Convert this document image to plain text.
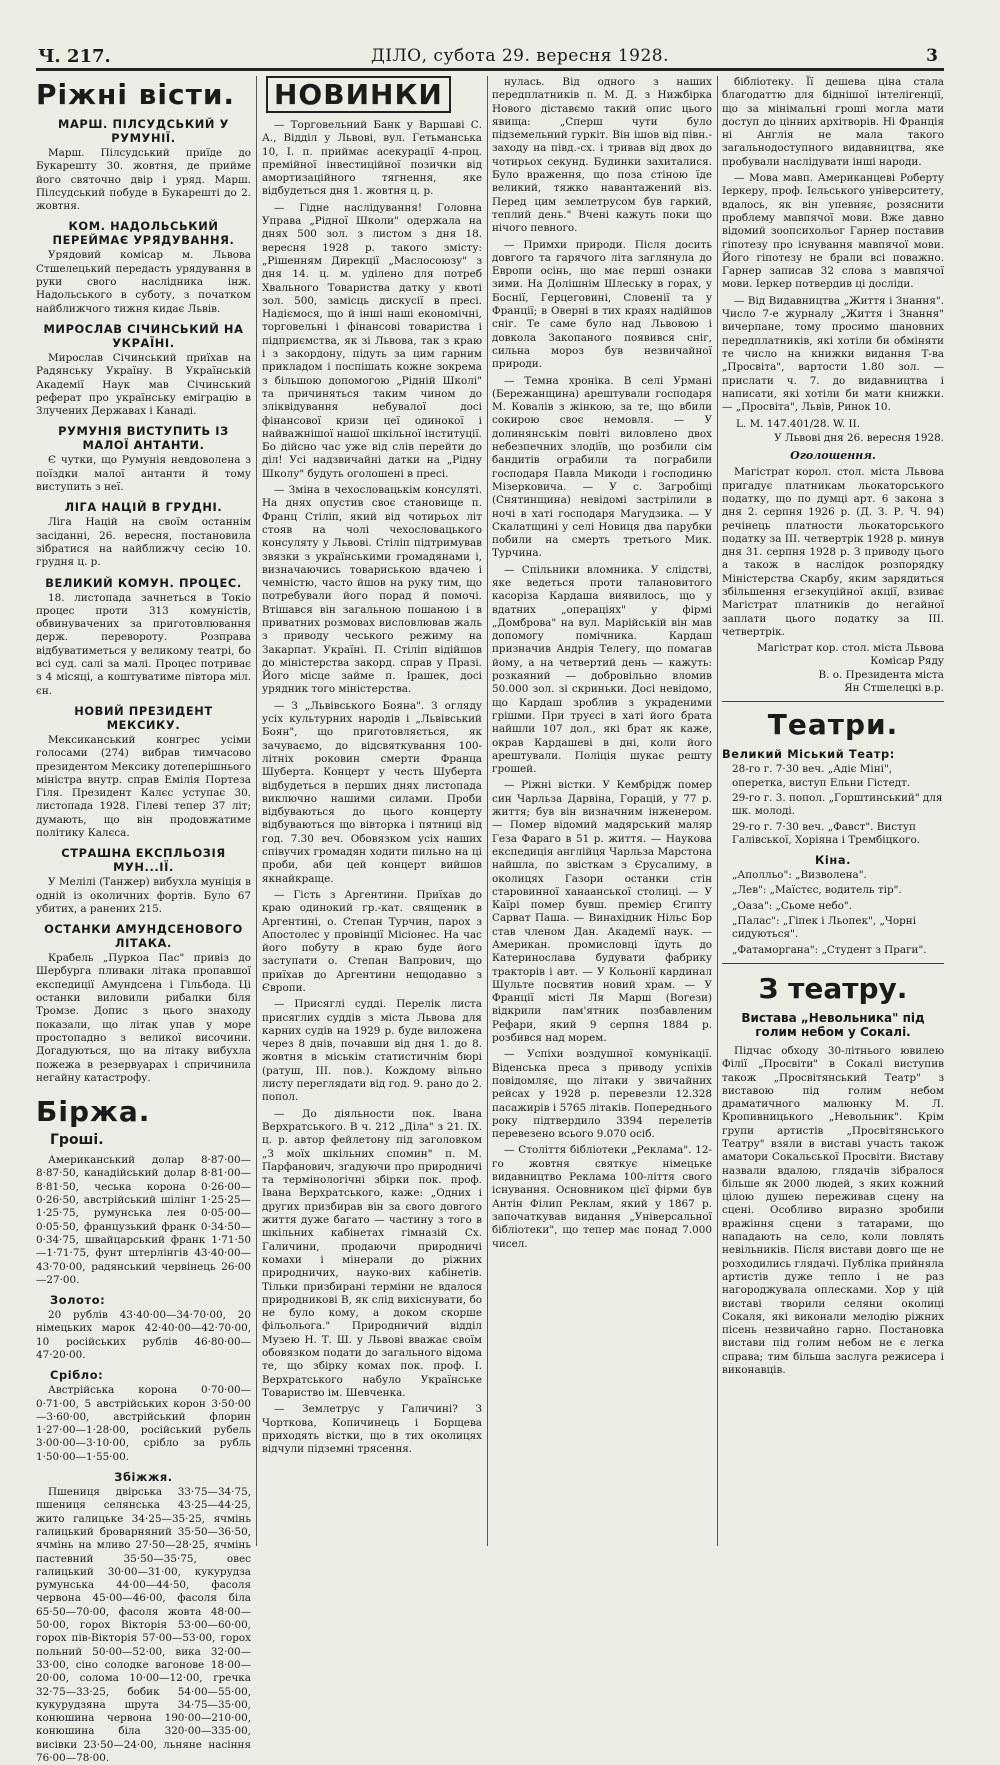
Ч. 217.	ДІЛО, субота 29. вересня 1928.	3
Ріжні вісти.
МАРШ. ПІЛСУДСЬКИЙ У РУМУНІЇ.

Марш. Пілсудський приїде до Букарешту 30. жовтня, де прийме його святочно двір і уряд. Марш. Пілсудський побуде в Букарешті до 2. жовтня.

КОМ. НАДОЛЬСЬКИЙ ПЕРЕЙМАЄ УРЯДУВАННЯ.

Урядовий комісар м. Львова Стшелецький передасть урядування в руки свого наслідника інж. Надольського в суботу, з початком найближчого тижня кидає Львів.

МИРОСЛАВ СІЧИНСЬКИЙ НА УКРАЇНІ.

Мирослав Січинський приїхав на Радянську Україну. В Українській Академії Наук мав Січинський реферат про українську еміграцію в Злучених Державах і Канаді.

РУМУНІЯ ВИСТУПИТЬ ІЗ МАЛОЇ АНТАНТИ.

Є чутки, що Румунія невдоволена з поїздки малої антанти й тому виступить з неї.

ЛІГА НАЦІЙ В ГРУДНІ.

Ліга Націй на своїм останнім засіданні, 26. вересня, постановила зібратися на найближчу сесію 10. грудня ц. р.

ВЕЛИКИЙ КОМУН. ПРОЦЕС.

18. листопада зачнеться в Токіо процес проти 313 комуністів, обвинувачених за приготовлювання держ. перевороту. Розправа відбуватиметься у великому театрі, бо всі суд. салі за малі. Процес потриває з 4 місяці, а коштуватиме півтора міл. єн.

НОВИЙ ПРЕЗИДЕНТ МЕКСИКУ.

Мексиканський конгрес усіми голосами (274) вибрав тимчасово президентом Мексику дотеперішнього міністра внутр. справ Емілія Портеза Гіля. Президент Калєс уступає 30. листопада 1928. Гілеві тепер 37 літ; думають, що він продовжатиме політику Калєса.

СТРАШНА ЕКСПЛЬОЗІЯ МУН...ІЇ.

У Мелілі (Танжер) вибухла муніція в одній із околичних фортів. Було 67 убитих, а ранених 215.

ОСТАНКИ АМУНДСЕНОВОГО ЛІТАКА.

Крабель „Пуркоа Пас" привіз до Шербурга пливаки літака пропавшої експедиції Амундсена і Гільбода. Ці останки виловили рибалки біля Тромзе. Допис з цього знаходу показали, що літак упав у море простопадно з великої височини. Догадуються, що на літаку вибухла пожежа в резервуарах і спричинила негайну катастрофу.

Біржа.
Гроші.

Американський долар 8·87·00—8·87·50, канадійський долар 8·81·00—8·81·50, чеська корона 0·26·00—0·26·50, австрійський шілінг 1·25·25—1·25·75, румунська лея 0·05·00—0·05·50, французький франк 0·34·50—0·34·75, швайцарський франк 1·71·50—1·71·75, фунт штерлінгів 43·40·00—43·70·00, радянський червінець 26·00—27·00.

Золото:

20 рублів 43·40·00—34·70·00, 20 німецьких марок 42·40·00—42·70·00, 10 російських рублів 46·80·00—47·20·00.

Срібло:

Австрійська корона 0·70·00—0·71·00, 5 австрійських корон 3·50·00—3·60·00, австрійський флорин 1·27·00—1·28·00, російський рубель 3·00·00—3·10·00, срібло за рубль 1·50·00—1·55·00.

Збіжжя.

Пшениця двірська 33·75—34·75, пшениця селянська 43·25—44·25, жито галицьке 34·25—35·25, ячмінь галицький броварняний 35·50—36·50, ячмінь на мливо 27·50—28·25, ячмінь пастевний 35·50—35·75, овес галицький 30·00—31·00, кукурудза румунська 44·00—44·50, фасоля червона 45·00—46·00, фасоля біла 65·50—70·00, фасоля жовта 48·00—50·00, горох Вікторія 53·00—60·00, горох пів-Вікторія 57·00—53·00, горох польний 50·00—52·00, вика 32·00—33·00, сіно солодке вагонове 18·00—20·00, солома 10·00—12·00, гречка 32·75—33·25, бобик 54·00—55·00, кукурудзяна шрута 34·75—35·00, конюшина червона 190·00—210·00, конюшина біла 320·00—335·00, висівки 23·50—24·00, льняне насіння 76·00—78·00.

НОВИНКИ

— Торговельний Банк у Варшаві С. А., Відділ у Львові, вул. Гетьманська 10, I. п. приймає асекурації 4-проц. премійної інвестиційної позички від амортизаційного тягнення, яке відбудеться дня 1. жовтня ц. р.

— Гідне наслідування! Головна Управа „Рідної Школи" одержала на днях 500 зол. з листом з дня 18. вересня 1928 р. такого змісту: „Рішенням Дирекції „Маслосоюзу" з дня 14. ц. м. уділено для потреб Хвального Товариства датку у квоті зол. 500, замісць дискусії в пресі. Надіємося, що й інші наші економічні, торговельні і фінансові товариства і підприємства, як зі Львова, так з краю і з закордону, підуть за цим гарним прикладом і поспішать кожне зокрема з більшою допомогою „Рідній Школі" та причиняться таким чином до зліквідування небувалої досі фінансової кризи цеї одинокої і найважнішої нашої шкільної інституції. Бо дійсно час уже від слів перейти до діл! Усі надзвичайні датки на „Рідну Школу" будуть оголошені в пресі.

— Зміна в чехословацькім консуляті. На днях опустив своє становище п. Франц Стіліп, який від чотирьох літ стояв на чолі чехословацького консуляту у Львові. Стіліп підтримував звязки з українськими громадянами і, визначаючись товариською вдачею і чемністю, часто йшов на руку тим, що потребували його порад й помочі. Втішався він загальною пошаною і в приватних розмовах висловлював жаль з приводу чеського режиму на Закарпат. Україні. П. Стіліп відійшов до міністерства закорд. справ у Празі. Його місце займе п. Ірашек, досі урядник того міністерства.

— З „Львівського Бояна". З огляду усіх культурних народів і „Львівський Боян", що приготовляється, як зачуваємо, до відсвяткування 100-літніх роковин смерти Франца Шуберта. Концерт у честь Шуберта відбудеться в перших днях листопада виключно нашими силами. Проби відбуваються до цього концерту відбуваються що вівторка і пятниці від год. 7.30 веч. Обовязком усіх наших співучих громадян ходити пильно на ці проби, аби цей концерт вийшов якнайкраще.

— Гість з Аргентини. Приїхав до краю одинокий гр.-кат. священик в Аргентині, о. Степан Турчин, парох з Апостолес у провінції Місіонес. На час його побуту в краю буде його заступати о. Степан Вапрович, що приїхав до Аргентини нещодавно з Європи.

— Присяглі судді. Перелік листа присяглих суддів з міста Львова для карних судів на 1929 р. буде виложена через 8 днів, почавши від дня 1. до 8. жовтня в міськім статистичнім бюрі (ратуш, III. пов.). Кождому вільно листу переглядати від год. 9. рано до 2. попол.

— До діяльности пок. Івана Верхратського. В ч. 212 „Діла" з 21. IX. ц. р. автор фейлетону під заголовком „З моїх шкільних спомин" п. М. Парфанович, згадуючи про природничі та термінологічні збірки пок. проф. Івана Верхратського, каже: „Одних і других призбирав він за свого довгого життя дуже багато — частину з того в шкільних кабінетах гімназій Сх. Галичини, продаючи природничі комахи і мінерали до ріжних природничих, науко-вих кабінетів. Тільки призбирані терміни не вдалося природникові В, як слід вихіснувати, бо не було кому, а доком скорше фільольога." Природничий відділ Музею Н. Т. Ш. у Львові вважає своїм обовязком подати до загального відома те, що збірку комах пок. проф. І. Верхратського набуло Українське Товариство ім. Шевченка.

— Землетрус у Галичині? З Чорткова, Копичинець і Борщева приходять вістки, що в тих околицях відчули підземні трясення.

нулась. Від одного з наших передплатників п. М. Д. з Нижбірка Нового діставємо такий опис цього явища: „Сперш чути було підземельний гуркіт. Він ішов від півн.-заходу на півд.-сх. і тривав від двох до чотирьох секунд. Будинки захиталися. Було враження, що поза стіною їде великий, тяжко навантажений віз. Перед цим землетрусом був гаркий, теплий день." Вчені кажуть поки що нічого певного.

— Примхи природи. Після досить довгого та гарячого літа заглянула до Европи осінь, що має перші ознаки зими. На Долішнім Шлеську в горах, у Боснії, Герцеговині, Словенії та у Франції; в Оверні в тих краях надійшов сніг. Те саме було над Львовою і довкола Закопаного появився сніг, сильна мороз був незвичайної природи.

— Темна хроніка. В селі Урмані (Бережанщина) арештували господаря М. Ковалів з жінкою, за те, що вбили сокирою своє немовля. — У долинянськім повіті виловлено двох небезпечних злодіїв, що розбили сім бандитів ограбили та пограбили господаря Павла Микоди і господиню Мізерковича. — У с. Загробіщі (Снятинщина) невідомі застрілили в ночі в хаті господаря Магудзика. — У Скалатщині у селі Новиця два парубки побили на смерть третього Мик. Турчина.

— Спільники вломника. У слідстві, яке ведеться проти талановитого касоріза Кардаша виявилось, що у вдатних „операціях" у фірмі „Домброва" на вул. Марійській він мав допомогу помічника. Кардаш призначив Андрія Телегу, що помагав йому, а на четвертий день — кажуть: розкаяний — добровільно вломив 50.000 зол. зі скриньки. Досі невідомо, що Кардаш зроблив з украденими грішми. При труєсі в хаті його брата найшли 107 дол., які брат як каже, окрав Кардашеві в дні, коли його арештували. Поліція шукає решту грошей.

— Ріжні вістки. У Кембрідж помер син Чарльза Дарвіна, Горацій, у 77 р. життя; був він визначним інженером. — Помер відомий мадярський маляр Геза Фараго в 51 р. життя. — Наукова експедиція англійця Чарльза Марстона найшла, по звісткам з Єрусалиму, в околицях Газори останки стін старовинної ханаанської столиці. — У Каїрі помер бувш. премієр Єгипту Сарват Паша. — Винахідник Нільс Бор став членом Дан. Академії наук. — Американ. промисловці їдуть до Катеринослава будувати фабрику тракторів і авт. — У Кольонії кардинал Шульте посвятив новий храм. — У Франції місті Ля Марш (Вогези) відкрили пам'ятник позбавленим Рефари, який 9 серпня 1884 р. розбився над морем.

— Успіхи воздушної комунікації. Віденська преса з приводу успіхів повідомляє, що літаки у звичайних рейсах у 1928 р. перевезли 12.328 пасажирів і 5765 літаків. Попереднього року підтвердило 3394 перелетів перевезено всього 9.070 осіб.

— Століття бібліотеки „Реклама". 12-го жовтня святкує німецьке видавництво Реклама 100-ліття свого існування. Основником цієї фірми був Антін Філип Реклам, який у 1867 р. започаткував видання „Універсальної бібліотеки", що тепер має понад 7.000 чисел.

бібліотеку. Її дешева ціна стала благодаттю для біднішої інтелігенції, що за мінімальні гроші могла мати доступ до цінних архітворів. Ні Франція ні Англія не мала такого загальнодоступного видавництва, яке пробували наслідувати інші народи.

— Мова мавп. Американцеві Роберту Іеркеру, проф. Ієльського університету, вдалось, як він упевняє, розяснити проблему мавпячої мови. Вже давно відомий зоопсихольог Гарнер поставив гіпотезу про існування мавпячої мови. Його гіпотезу не брали всі поважно. Гарнер записав 32 слова з мавпячої мови. Іеркер потвердив ці досліди.

— Від Видавництва „Життя і Знання". Число 7-е журналу „Життя і Знання" вичерпане, тому просимо шановних передплатників, які хотіли би обміняти те число на книжки видання Т-ва „Просвіта", вартости 1.80 зол. — прислати ч. 7. до видавництва і написати, які хотіли би мати книжки. — „Просвіта", Львів, Ринок 10.

L. M. 147.401/28. W. II.
У Львові дня 26. вересня 1928.
Оголошення.

Магістрат корол. стол. міста Львова пригадує платникам льокаторського податку, що по думці арт. 6 закона з дня 2. серпня 1926 р. (Д. З. Р. Ч. 94) речінець платности льокаторського податку за III. четвертрік 1928 р. минув дня 31. серпня 1928 р. З приводу цього а також в наслідок розпорядку Міністерства Скарбу, яким зарядиться збільшення егзекуційної акції, взиває Магістрат платників до негайної заплати цього податку за III. четвертрік.

Магістрат кор. стол. міста Львова
Комісар Ряду
В. о. Президента міста
Ян Стшелецкі в.р.
Театри.
Великий Міський Театр:
28-го г. 7·30 веч. „Адіє Міні", оперетка, виступ Ельни Гістедт.
29-го г. 3. попол. „Горштинський" для шк. молоді.
29-го г. 7·30 веч. „Фавст". Виступ Галівської, Хоріяна і Трембіцкого.
Кіна.
„Аполльо": „Визволена".
„Лев": „Маїстєс, водитель тір".
„Оаза": „Сьоме небо".
„Палас": „Гіпек і Льопек", „Чорні сидуються".
„Фатаморгана": „Студент з Праги".
З театру.
Вистава „Невольника" під голим небом у Сокалі.

Підчас обходу 30-літнього ювилею Філії „Просвіти" в Сокалі виступив також „Просвітянський Театр" з виставою під голим небом драматичного малюнку М. Л. Кропивницького „Невольник". Крім групи артистів „Просвітянського Театру" взяли в виставі участь також аматори Сокальської Просвіти. Виставу назвали вдалою, глядачів зібралося більше як 2000 людей, з яких кожний цілою душею переживав сцену на сцені. Особливо виразно зробили вражіння сцени з татарами, що нападають на село, коли ловлять невільників. Після вистави довго ще не розходились глядачі. Публіка прийняла артистів дуже тепло і не раз нагороджувала оплесками. Хор у цій виставі творили селяни околиці Сокаля, які виконали мелодію ріжних пісень незвичайно гарно. Постановка вистави під голим небом не є легка справа; тим більша заслуга режисера і виконавців.
